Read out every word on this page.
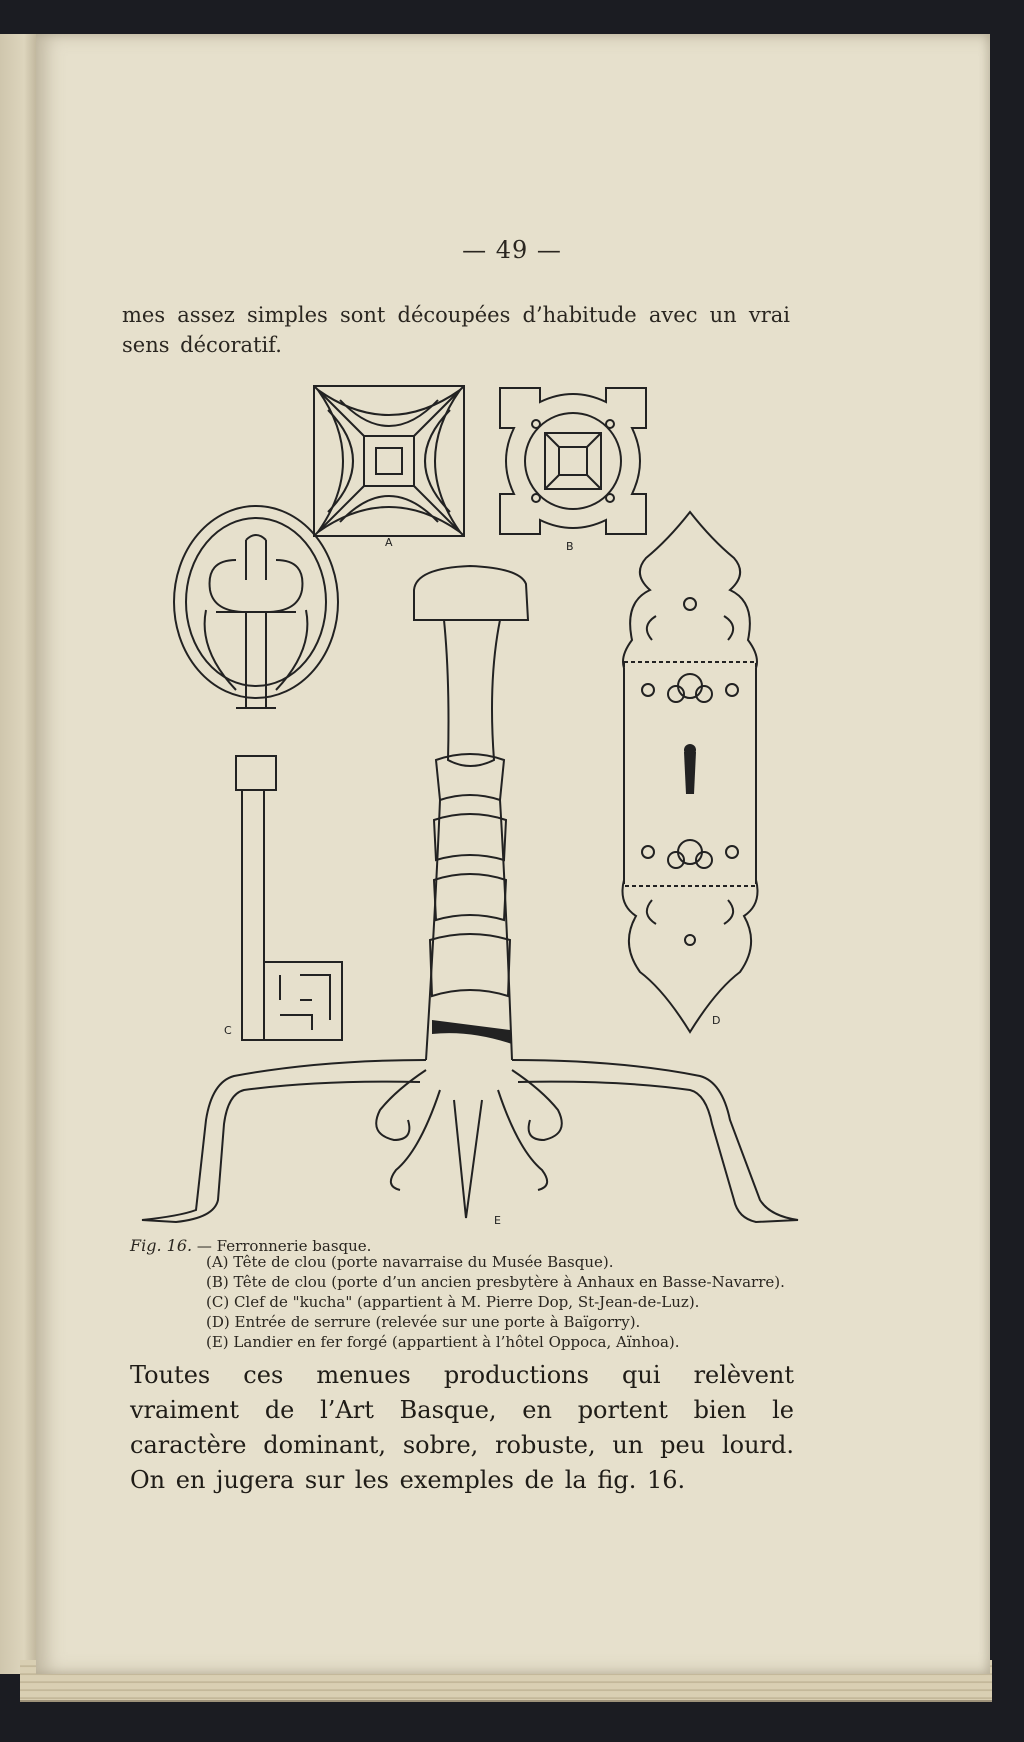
— 49 —
mes assez simples sont découpées d’habitude avec un vrai sens décoratif.
A	B
C
D
E
Fig. 16. — Ferronnerie basque.
(A) Tête de clou (porte navarraise du Musée Basque).
(B) Tête de clou (porte d’un ancien presbytère à Anhaux en Basse-Navarre).
(C) Clef de "kucha" (appartient à M. Pierre Dop, St-Jean-de-Luz).
(D) Entrée de serrure (relevée sur une porte à Baïgorry).
(E) Landier en fer forgé (appartient à l’hôtel Oppoca, Aïnhoa).
Toutes ces menues productions qui relèvent vraiment de l’Art Basque, en portent bien le caractère dominant, sobre, robuste, un peu lourd. On en jugera sur les exemples de la fig. 16.
